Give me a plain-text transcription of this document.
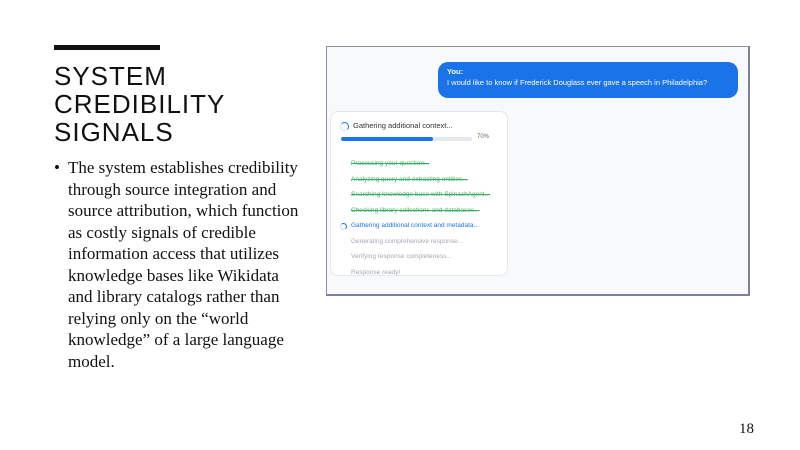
SYSTEM
CREDIBILITY
SIGNALS
• The system establishes credibility through source integration and source attribution, which function as costly signals of credible information access that utilizes knowledge bases like Wikidata and library catalogs rather than relying only on the “world knowledge” of a large language model.
You:
I would like to know if Frederick Douglass ever gave a speech in Philadelphia?
Gathering additional context...
70%
Processing your question...
Analyzing query and extracting entities...
Searching knowledge base with SpinachAgent...
Checking library collections and databases...
Gathering additional context and metadata...
Generating comprehensive response...
Verifying response completeness...
Response ready!
18
